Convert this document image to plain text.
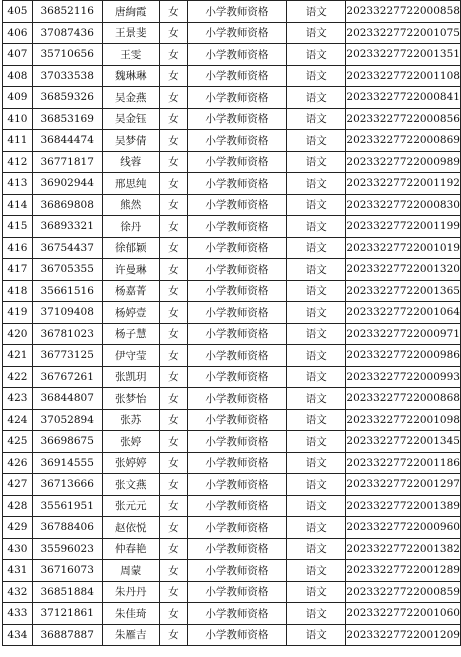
405	36852116	唐絢霞	女	小学教师资格	语文	20233227722000858
406	37087436	王景斐	女	小学教师资格	语文	20233227722001075
407	35710656	王雯	女	小学教师资格	语文	20233227722001351
408	37033538	魏琳琳	女	小学教师资格	语文	20233227722001108
409	36859326	吴金燕	女	小学教师资格	语文	20233227722000841
410	36853169	吴金钰	女	小学教师资格	语文	20233227722000856
411	36844474	吴梦倩	女	小学教师资格	语文	20233227722000869
412	36771817	线蓉	女	小学教师资格	语文	20233227722000989
413	36902944	邢思纯	女	小学教师资格	语文	20233227722001192
414	36869808	熊然	女	小学教师资格	语文	20233227722000830
415	36893321	徐丹	女	小学教师资格	语文	20233227722001199
416	36754437	徐郁颖	女	小学教师资格	语文	20233227722001019
417	36705355	许曼琳	女	小学教师资格	语文	20233227722001320
418	35661516	杨嘉菁	女	小学教师资格	语文	20233227722001365
419	37109408	杨婷壹	女	小学教师资格	语文	20233227722001064
420	36781023	杨子慧	女	小学教师资格	语文	20233227722000971
421	36773125	伊守莹	女	小学教师资格	语文	20233227722000986
422	36767261	张凯玥	女	小学教师资格	语文	20233227722000993
423	36844807	张梦怡	女	小学教师资格	语文	20233227722000868
424	37052894	张苏	女	小学教师资格	语文	20233227722001098
425	36698675	张婷	女	小学教师资格	语文	20233227722001345
426	36914555	张婷婷	女	小学教师资格	语文	20233227722001186
427	36713666	张文燕	女	小学教师资格	语文	20233227722001297
428	35561951	张元元	女	小学教师资格	语文	20233227722001389
429	36788406	赵依悦	女	小学教师资格	语文	20233227722000960
430	35596023	仲春艳	女	小学教师资格	语文	20233227722001382
431	36716073	周蒙	女	小学教师资格	语文	20233227722001289
432	36851884	朱丹丹	女	小学教师资格	语文	20233227722000859
433	37121861	朱佳琦	女	小学教师资格	语文	20233227722001060
434	36887887	朱雁吉	女	小学教师资格	语文	20233227722001209
